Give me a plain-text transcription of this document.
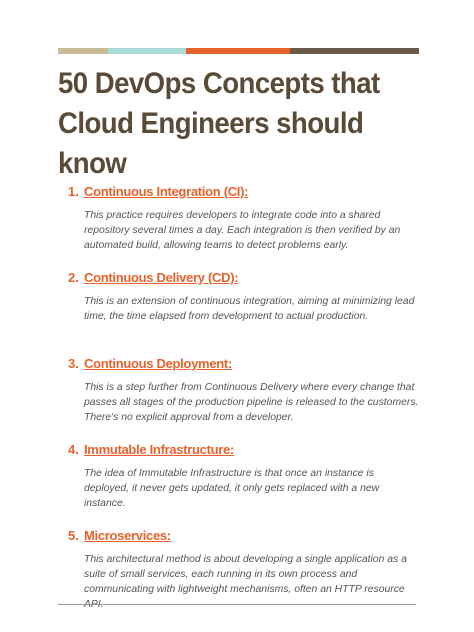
50 DevOps Concepts that Cloud Engineers should know
1. Continuous Integration (CI):

This practice requires developers to integrate code into a shared repository several times a day. Each integration is then verified by an automated build, allowing teams to detect problems early.

2. Continuous Delivery (CD):

This is an extension of continuous integration, aiming at minimizing lead time, the time elapsed from development to actual production.

3. Continuous Deployment:

This is a step further from Continuous Delivery where every change that passes all stages of the production pipeline is released to the customers. There's no explicit approval from a developer.

4. Immutable Infrastructure:

The idea of Immutable Infrastructure is that once an instance is deployed, it never gets updated, it only gets replaced with a new instance.

5. Microservices:

This architectural method is about developing a single application as a suite of small services, each running in its own process and communicating with lightweight mechanisms, often an HTTP resource
